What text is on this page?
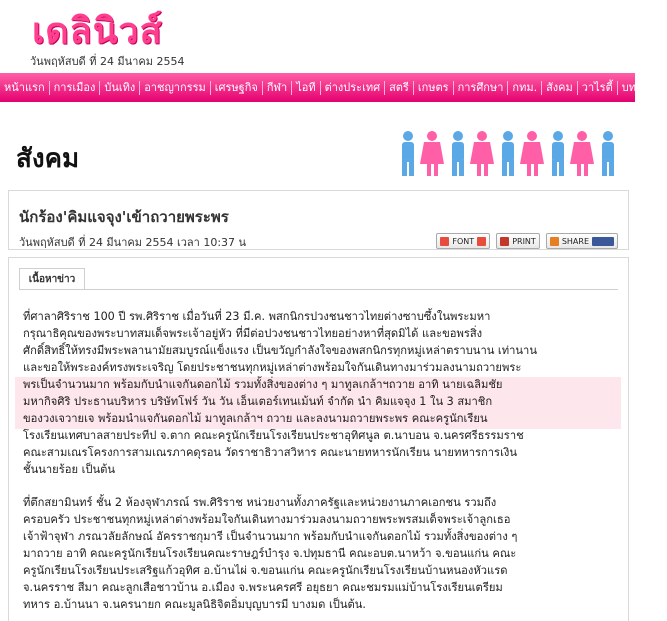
เดลินิวส์
วันพฤหัสบดี ที่ 24 มีนาคม 2554
หน้าแรก การเมือง บันเทิง อาชญากรรม เศรษฐกิจ กีฬา ไอที ต่างประเทศ สตรี เกษตร การศึกษา กทม. สังคม วาไรตี้ บทความ
สังคม
นักร้อง'คิมแจจุง'เข้าถวายพระพร
วันพฤหัสบดี ที่ 24 มีนาคม 2554 เวลา 10:37 น	FONT	PRINT	SHARE
เนื้อหาข่าว
ที่ศาลาศิริราช 100 ปี รพ.ศิริราช เมื่อวันที่ 23 มี.ค. พสกนิกรปวงชนชาวไทยต่างซาบซึ้งในพระมหา
กรุณาธิคุณของพระบาทสมเด็จพระเจ้าอยู่หัว ที่มีต่อปวงชนชาวไทยอย่างหาที่สุดมิได้ และขอพรสิ่ง
ศักดิ์สิทธิ์ให้ทรงมีพระพลานามัยสมบูรณ์แข็งแรง เป็นขวัญกำลังใจของพสกนิกรทุกหมู่เหล่าตราบนาน เท่านาน
และขอให้พระองค์ทรงพระเจริญ โดยประชาชนทุกหมู่เหล่าต่างพร้อมใจกันเดินทางมาร่วมลงนามถวายพระ
พรเป็นจำนวนมาก พร้อมกับนำแจกันดอกไม้ รวมทั้งสิ่งของต่าง ๆ มาทูลเกล้าฯถวาย อาทิ นายเฉลิมชัย
มหากิจศิริ ประธานบริหาร บริษัทโฟร์ วัน วัน เอ็นเตอร์เทนเม้นท์ จำกัด นำ คิมแจจุง 1 ใน 3 สมาชิก
ของวงเจวายเจ พร้อมนำแจกันดอกไม้ มาทูลเกล้าฯ ถวาย และลงนามถวายพระพร คณะครูนักเรียน
โรงเรียนเทศบาลสายประทีป จ.ตาก คณะครูนักเรียนโรงเรียนประชาอุทิศนูล ต.นาบอน จ.นครศรีธรรมราช
คณะสามเณรโครงการสามเณรภาคดุรอน วัดราชาธิวาสวิหาร คณะนายทหารนักเรียน นายทหารการเงิน
ชั้นนายร้อย เป็นต้น
ที่ตึกสยามินทร์ ชั้น 2 ห้องจุฬาภรณ์ รพ.ศิริราช หน่วยงานทั้งภาครัฐและหน่วยงานภาคเอกชน รวมถึง
ครอบครัว ประชาชนทุกหมู่เหล่าต่างพร้อมใจกันเดินทางมาร่วมลงนามถวายพระพรสมเด็จพระเจ้าลูกเธอ
เจ้าฟ้าจุฬา ภรณวลัยลักษณ์ อัครราชกุมารี เป็นจำนวนมาก พร้อมกับนำแจกันดอกไม้ รวมทั้งสิ่งของต่าง ๆ
มาถวาย อาทิ คณะครูนักเรียนโรงเรียนคณะราษฎร์บำรุง จ.ปทุมธานี คณะอบต.นาหว้า จ.ขอนแก่น คณะ
ครูนักเรียนโรงเรียนประเสริฐแก้วอุทิศ อ.บ้านไผ่ จ.ขอนแก่น คณะครูนักเรียนโรงเรียนบ้านหนองหัวแรด
จ.นครราช สีมา คณะลูกเสือชาวบ้าน อ.เมือง จ.พระนครศรี อยุธยา คณะชมรมแม่บ้านโรงเรียนเตรียม
ทหาร อ.บ้านนา จ.นครนายก คณะมูลนิธิจิตอิ่มบุญบารมี บางมด เป็นต้น.
